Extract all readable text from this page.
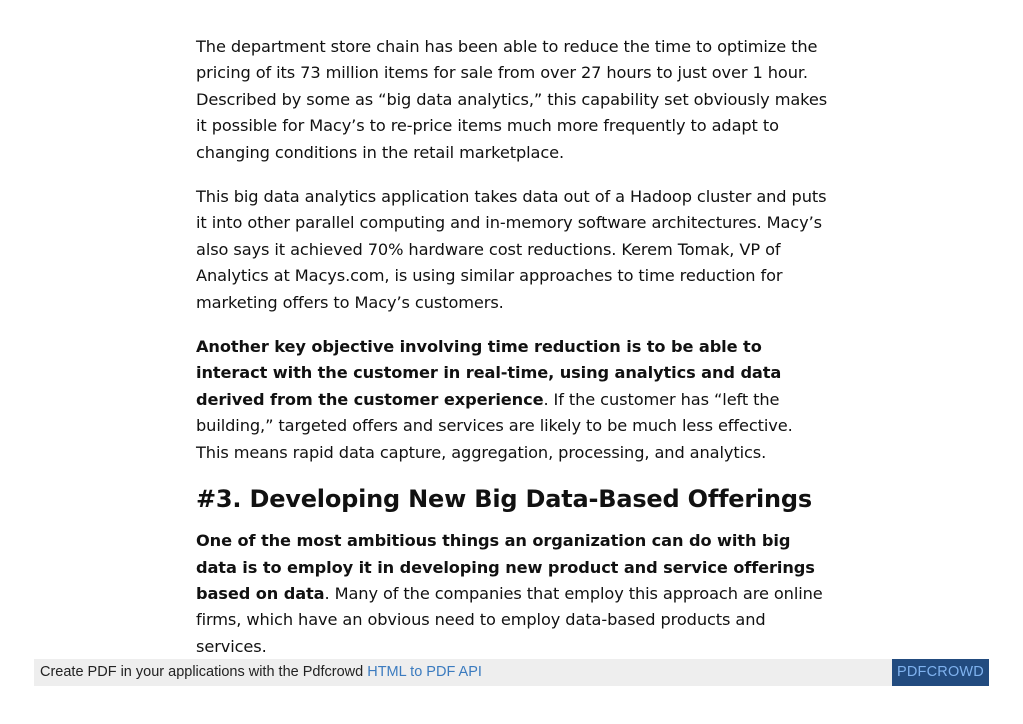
The department store chain has been able to reduce the time to optimize the pricing of its 73 million items for sale from over 27 hours to just over 1 hour. Described by some as “big data analytics,” this capability set obviously makes it possible for Macy’s to re-price items much more frequently to adapt to changing conditions in the retail marketplace.

This big data analytics application takes data out of a Hadoop cluster and puts it into other parallel computing and in-memory software architectures. Macy’s also says it achieved 70% hardware cost reductions. Kerem Tomak, VP of Analytics at Macys.com, is using similar approaches to time reduction for marketing offers to Macy’s customers.

Another key objective involving time reduction is to be able to interact with the customer in real-time, using analytics and data derived from the customer experience. If the customer has “left the building,” targeted offers and services are likely to be much less effective. This means rapid data capture, aggregation, processing, and analytics.

#3. Developing New Big Data-Based Offerings

One of the most ambitious things an organization can do with big data is to employ it in developing new product and service offerings based on data. Many of the companies that employ this approach are online firms, which have an obvious need to employ data-based products and services.

Create PDF in your applications with the Pdfcrowd HTML to PDF API	PDFCROWD
